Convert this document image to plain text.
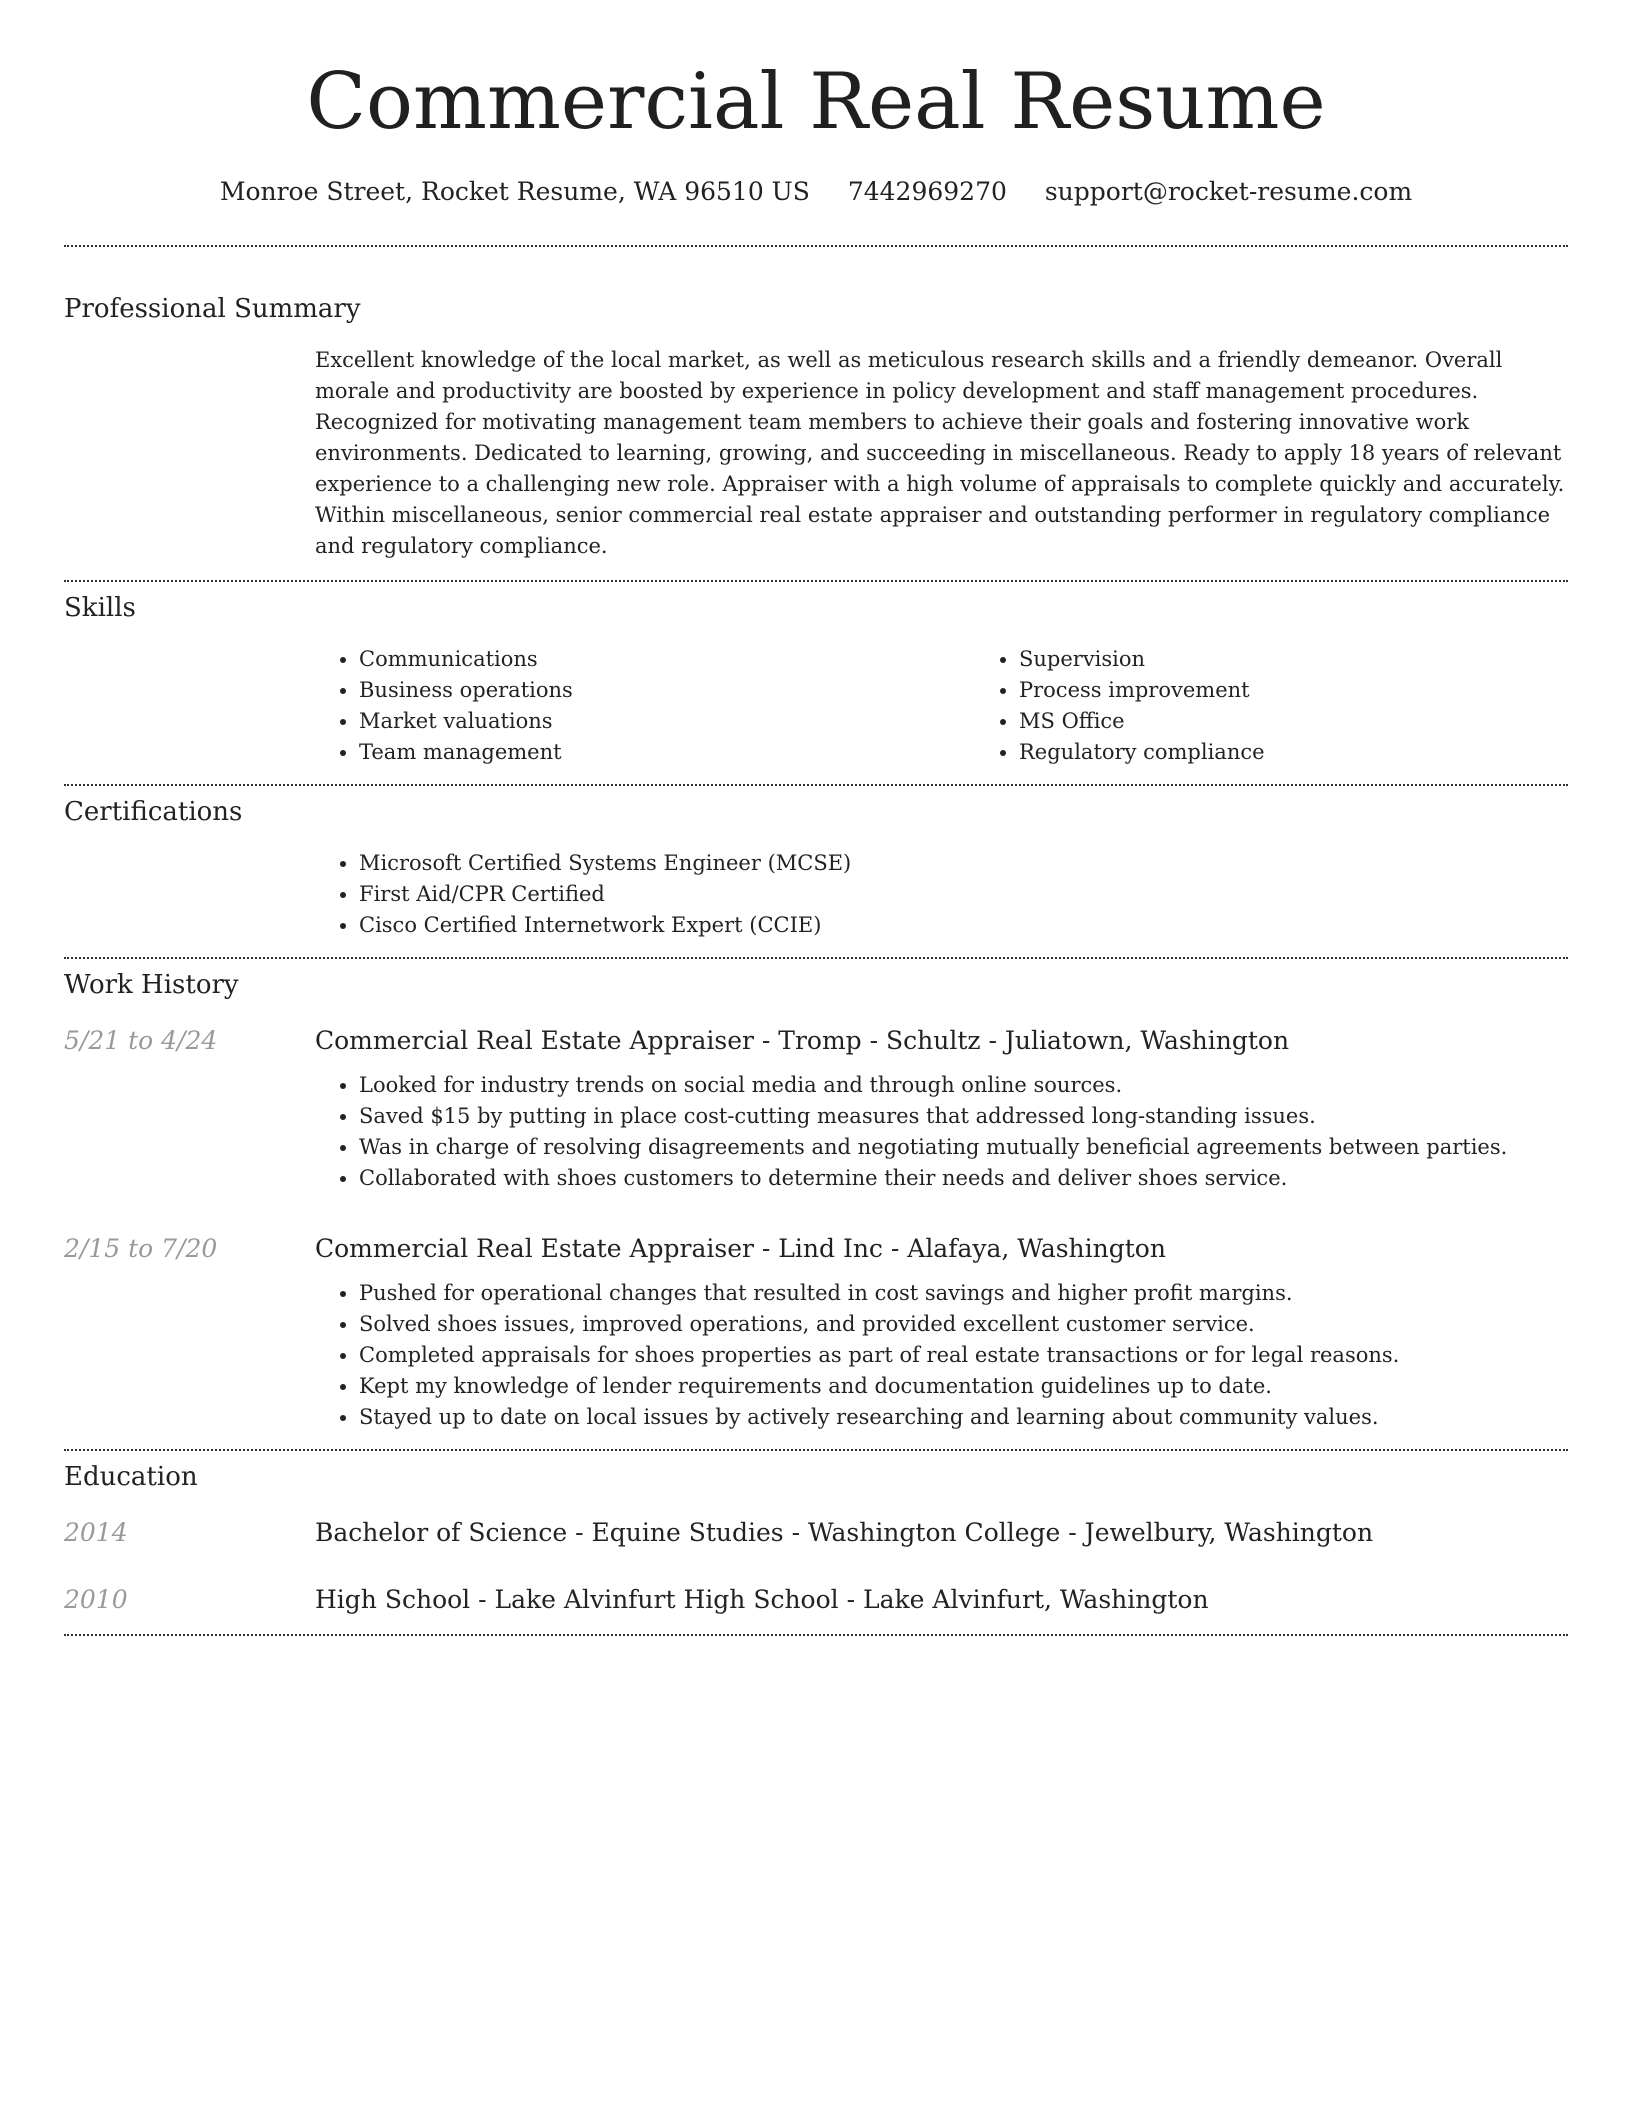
Commercial Real Resume
Monroe Street, Rocket Resume, WA 96510 US 7442969270 support@rocket-resume.com
Professional Summary

Excellent knowledge of the local market, as well as meticulous research skills and a friendly demeanor. Overall morale and productivity are boosted by experience in policy development and staff management procedures. Recognized for motivating management team members to achieve their goals and fostering innovative work environments. Dedicated to learning, growing, and succeeding in miscellaneous. Ready to apply 18 years of relevant experience to a challenging new role. Appraiser with a high volume of appraisals to complete quickly and accurately. Within miscellaneous, senior commercial real estate appraiser and outstanding performer in regulatory compliance and regulatory compliance.

Skills
• Communications
• Business operations
• Market valuations
• Team management
• Supervision
• Process improvement
• MS Office
• Regulatory compliance
Certifications
• Microsoft Certified Systems Engineer (MCSE)
• First Aid/CPR Certified
• Cisco Certified Internetwork Expert (CCIE)
Work History
5/21 to 4/24	Commercial Real Estate Appraiser - Tromp - Schultz - Juliatown, Washington
• Looked for industry trends on social media and through online sources.
• Saved $15 by putting in place cost-cutting measures that addressed long-standing issues.
• Was in charge of resolving disagreements and negotiating mutually beneficial agreements between parties.
• Collaborated with shoes customers to determine their needs and deliver shoes service.
2/15 to 7/20	Commercial Real Estate Appraiser - Lind Inc - Alafaya, Washington
• Pushed for operational changes that resulted in cost savings and higher profit margins.
• Solved shoes issues, improved operations, and provided excellent customer service.
• Completed appraisals for shoes properties as part of real estate transactions or for legal reasons.
• Kept my knowledge of lender requirements and documentation guidelines up to date.
• Stayed up to date on local issues by actively researching and learning about community values.
Education
2014	Bachelor of Science - Equine Studies - Washington College - Jewelbury, Washington
2010	High School - Lake Alvinfurt High School - Lake Alvinfurt, Washington
